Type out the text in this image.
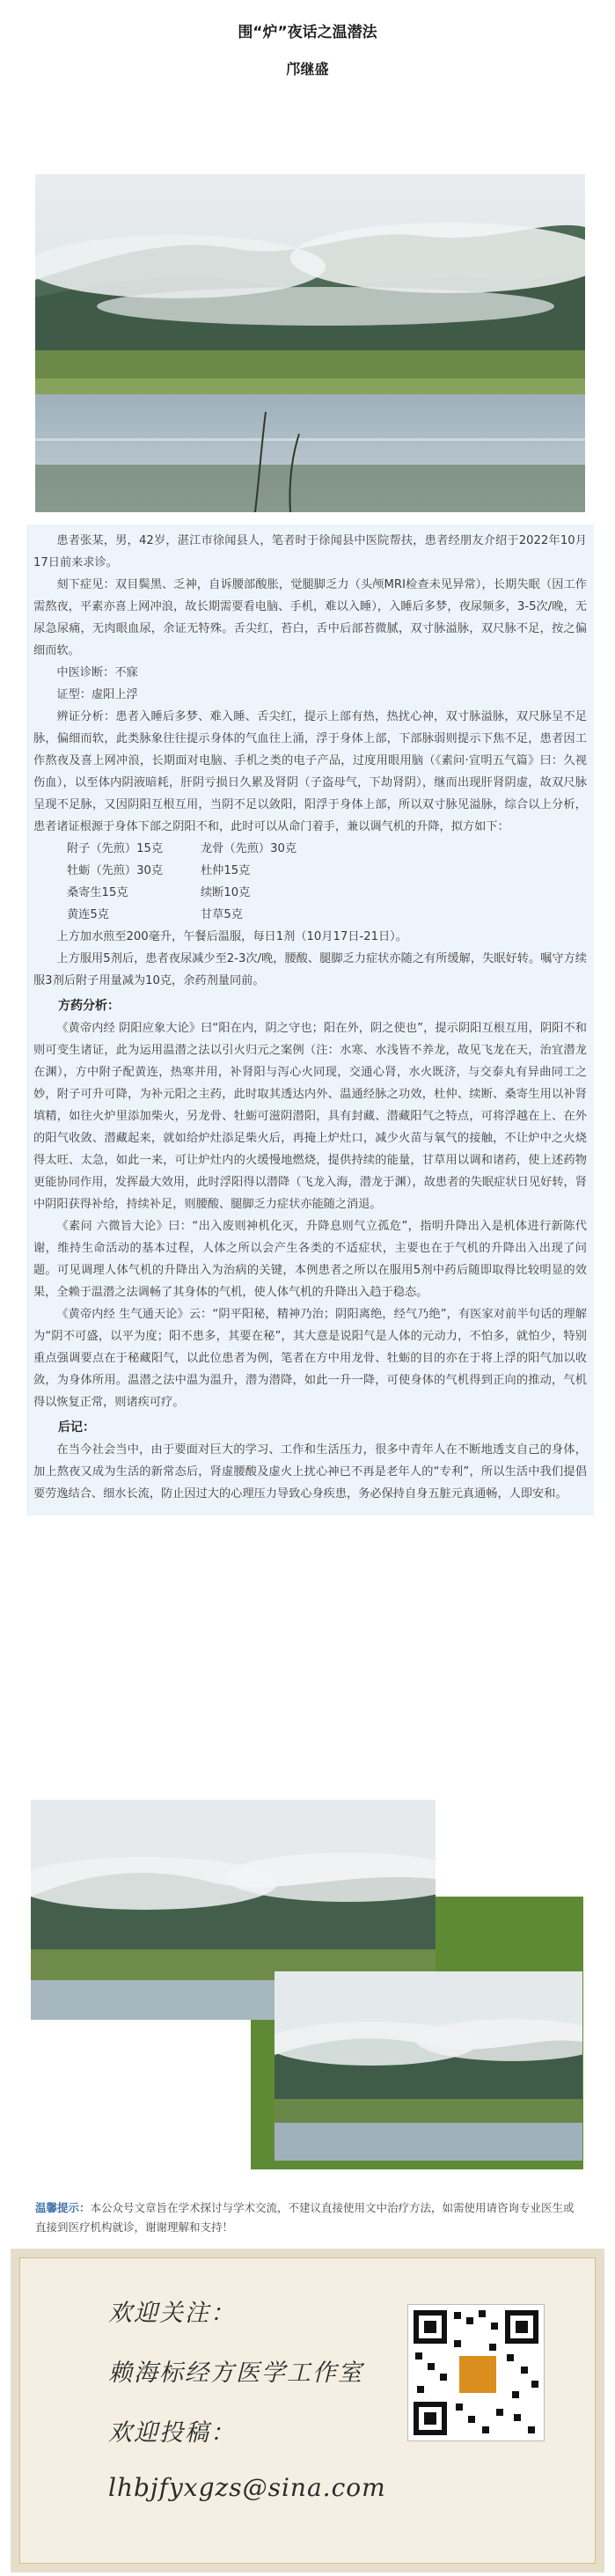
围“炉”夜话之温潜法
邝继盛

患者张某，男，42岁，湛江市徐闻县人，笔者时于徐闻县中医院帮扶，患者经朋友介绍于2022年10月17日前来求诊。

刻下症见：双目鬓黑、乏神，自诉腰部酸胀，觉腿脚乏力（头颅MRI检查未见异常），长期失眠（因工作需熬夜，平素亦喜上网冲浪，故长期需要看电脑、手机，难以入睡），入睡后多梦，夜尿频多，3-5次/晚，无尿急尿痛，无肉眼血尿，余证无特殊。舌尖红，苔白，舌中后部苔微腻，双寸脉溢脉，双尺脉不足，按之偏细而软。

中医诊断：不寐

证型：虚阳上浮

辨证分析：患者入睡后多梦、难入睡、舌尖红，提示上部有热，热扰心神，双寸脉溢脉，双尺脉呈不足脉，偏细而软，此类脉象往往提示身体的气血往上涌，浮于身体上部，下部脉弱则提示下焦不足，患者因工作熬夜及喜上网冲浪，长期面对电脑、手机之类的电子产品，过度用眼用脑（《素问·宣明五气篇》曰：久视伤血），以至体内阴液暗耗，肝阴亏损日久累及肾阴（子盗母气，下劫肾阴），继而出现肝肾阴虚，故双尺脉呈现不足脉，又因阴阳互根互用，当阴不足以敛阳，阳浮于身体上部，所以双寸脉见溢脉，综合以上分析，患者诸证根源于身体下部之阴阳不和，此时可以从命门着手，兼以调气机的升降，拟方如下：

附子（先煎）15克	龙骨（先煎）30克

牡蛎（先煎）30克	杜仲15克

桑寄生15克	续断10克

黄连5克	甘草5克

上方加水煎至200毫升，午餐后温服，每日1剂（10月17日-21日）。

上方服用5剂后，患者夜尿减少至2-3次/晚，腰酸、腿脚乏力症状亦随之有所缓解，失眠好转。嘱守方续服3剂后附子用量减为10克，余药剂量同前。

方药分析：

《黄帝内经 阴阳应象大论》曰“阳在内，阴之守也；阳在外，阴之使也”，提示阴阳互根互用，阴阳不和则可变生诸证，此为运用温潜之法以引火归元之案例（注：水寒、水浅皆不养龙，故见飞龙在天，治宜潜龙在渊），方中附子配黄连，热寒并用，补肾阳与泻心火同现，交通心肾，水火既济，与交泰丸有异曲同工之妙，附子可升可降，为补元阳之主药，此时取其透达内外、温通经脉之功效，杜仲、续断、桑寄生用以补肾填精，如往火炉里添加柴火，另龙骨、牡蛎可滋阴潜阳，具有封藏、潜藏阳气之特点，可将浮越在上、在外的阳气收敛、潜藏起来，就如给炉灶添足柴火后，再掩上炉灶口，减少火苗与氧气的接触，不让炉中之火烧得太旺、太急，如此一来，可让炉灶内的火缓慢地燃烧，提供持续的能量，甘草用以调和诸药，使上述药物更能协同作用，发挥最大效用，此时浮阳得以潜降（飞龙入海，潜龙于渊），故患者的失眠症状日见好转，肾中阴阳获得补给，持续补足，则腰酸、腿脚乏力症状亦能随之消退。

《素问 六微旨大论》曰：“出入废则神机化灭，升降息则气立孤危”，指明升降出入是机体进行新陈代谢，维持生命活动的基本过程，人体之所以会产生各类的不适症状，主要也在于气机的升降出入出现了问题。可见调理人体气机的升降出入为治病的关键，本例患者之所以在服用5剂中药后随即取得比较明显的效果，全赖于温潜之法调畅了其身体的气机，使人体气机的升降出入趋于稳态。

《黄帝内经 生气通天论》云：“阴平阳秘，精神乃治；阴阳离绝，经气乃绝”，有医家对前半句话的理解为“阴不可盛，以平为度；阳不患多，其要在秘”，其大意是说阳气是人体的元动力，不怕多，就怕少，特别重点强调要点在于秘藏阳气，以此位患者为例，笔者在方中用龙骨、牡蛎的目的亦在于将上浮的阳气加以收敛，为身体所用。温潜之法中温为温升，潜为潜降，如此一升一降，可使身体的气机得到正向的推动，气机得以恢复正常，则诸疾可疗。

后记：

在当今社会当中，由于要面对巨大的学习、工作和生活压力，很多中青年人在不断地透支自己的身体，加上熬夜又成为生活的新常态后，肾虚腰酸及虚火上扰心神已不再是老年人的“专利”，所以生活中我们提倡要劳逸结合、细水长流，防止因过大的心理压力导致心身疾患，务必保持自身五脏元真通畅，人即安和。

温馨提示：本公众号文章旨在学术探讨与学术交流，不建议直接使用文中治疗方法，如需使用请咨询专业医生或直接到医疗机构就诊，谢谢理解和支持！
欢迎关注：
赖海标经方医学工作室
欢迎投稿：
lhbjfyxgzs@sina.com
